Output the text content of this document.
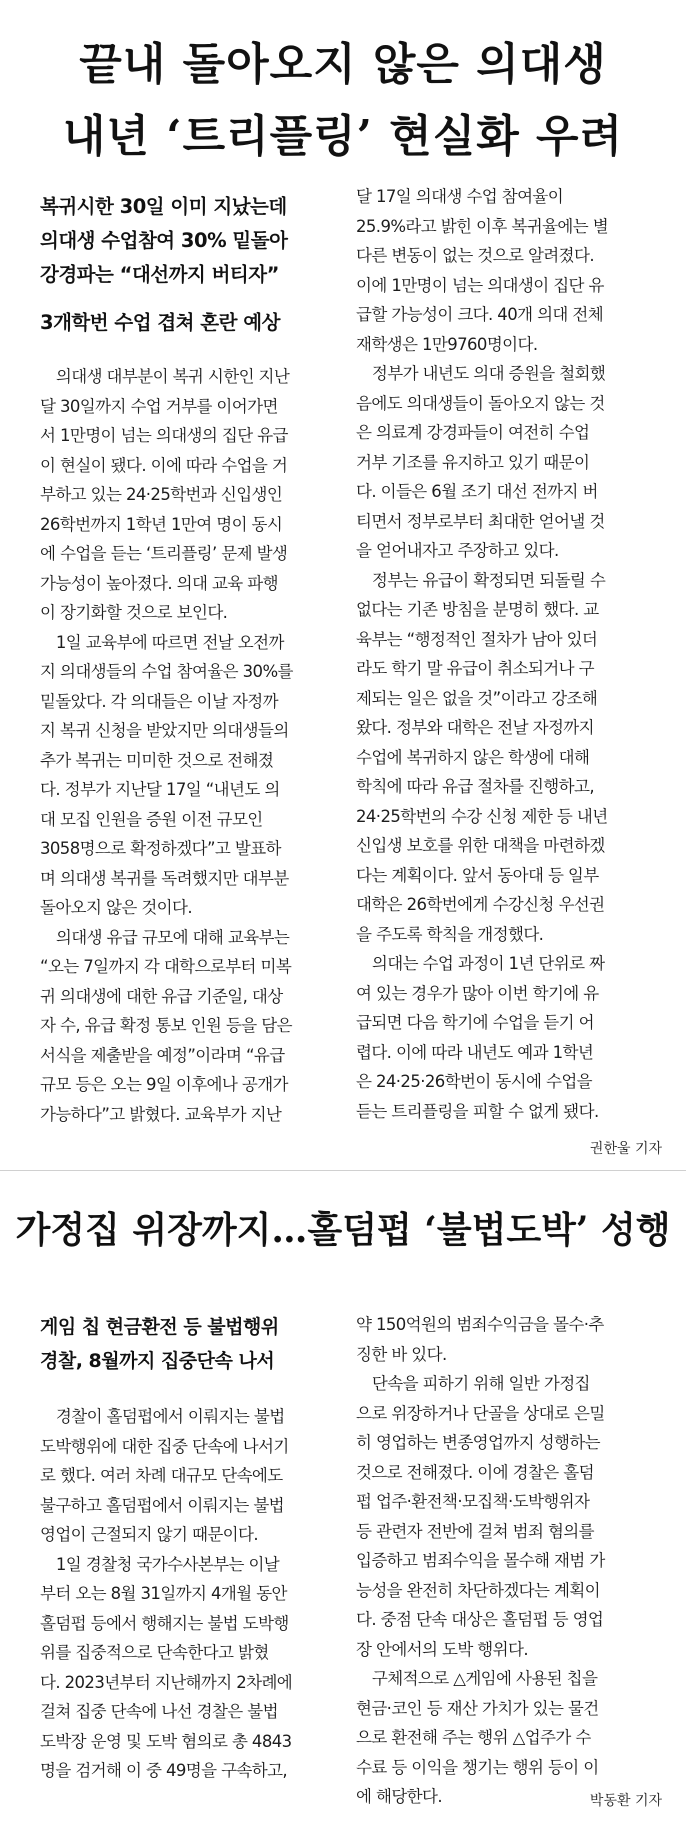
끝내 돌아오지 않은 의대생
내년 ‘트리플링’ 현실화 우려
복귀시한 30일 이미 지났는데
의대생 수업참여 30% 밑돌아
강경파는 “대선까지 버티자”
3개학번 수업 겹쳐 혼란 예상
　의대생 대부분이 복귀 시한인 지난
달 30일까지 수업 거부를 이어가면
서 1만명이 넘는 의대생의 집단 유급
이 현실이 됐다. 이에 따라 수업을 거
부하고 있는 24·25학번과 신입생인
26학번까지 1학년 1만여 명이 동시
에 수업을 듣는 ‘트리플링’ 문제 발생
가능성이 높아졌다. 의대 교육 파행
이 장기화할 것으로 보인다.
　1일 교육부에 따르면 전날 오전까
지 의대생들의 수업 참여율은 30%를
밑돌았다. 각 의대들은 이날 자정까
지 복귀 신청을 받았지만 의대생들의
추가 복귀는 미미한 것으로 전해졌
다. 정부가 지난달 17일 “내년도 의
대 모집 인원을 증원 이전 규모인
3058명으로 확정하겠다”고 발표하
며 의대생 복귀를 독려했지만 대부분
돌아오지 않은 것이다.
　의대생 유급 규모에 대해 교육부는
“오는 7일까지 각 대학으로부터 미복
귀 의대생에 대한 유급 기준일, 대상
자 수, 유급 확정 통보 인원 등을 담은
서식을 제출받을 예정”이라며 “유급
규모 등은 오는 9일 이후에나 공개가
가능하다”고 밝혔다. 교육부가 지난
달 17일 의대생 수업 참여율이
25.9%라고 밝힌 이후 복귀율에는 별
다른 변동이 없는 것으로 알려졌다.
이에 1만명이 넘는 의대생이 집단 유
급할 가능성이 크다. 40개 의대 전체
재학생은 1만9760명이다.
　정부가 내년도 의대 증원을 철회했
음에도 의대생들이 돌아오지 않는 것
은 의료계 강경파들이 여전히 수업
거부 기조를 유지하고 있기 때문이
다. 이들은 6월 조기 대선 전까지 버
티면서 정부로부터 최대한 얻어낼 것
을 얻어내자고 주장하고 있다.
　정부는 유급이 확정되면 되돌릴 수
없다는 기존 방침을 분명히 했다. 교
육부는 “행정적인 절차가 남아 있더
라도 학기 말 유급이 취소되거나 구
제되는 일은 없을 것”이라고 강조해
왔다. 정부와 대학은 전날 자정까지
수업에 복귀하지 않은 학생에 대해
학칙에 따라 유급 절차를 진행하고,
24·25학번의 수강 신청 제한 등 내년
신입생 보호를 위한 대책을 마련하겠
다는 계획이다. 앞서 동아대 등 일부
대학은 26학번에게 수강신청 우선권
을 주도록 학칙을 개정했다.
　의대는 수업 과정이 1년 단위로 짜
여 있는 경우가 많아 이번 학기에 유
급되면 다음 학기에 수업을 듣기 어
렵다. 이에 따라 내년도 예과 1학년
은 24·25·26학번이 동시에 수업을
듣는 트리플링을 피할 수 없게 됐다.
권한울 기자
가정집 위장까지…홀덤펍 ‘불법도박’ 성행
게임 칩 현금환전 등 불법행위
경찰, 8월까지 집중단속 나서
　경찰이 홀덤펍에서 이뤄지는 불법
도박행위에 대한 집중 단속에 나서기
로 했다. 여러 차례 대규모 단속에도
불구하고 홀덤펍에서 이뤄지는 불법
영업이 근절되지 않기 때문이다.
　1일 경찰청 국가수사본부는 이날
부터 오는 8월 31일까지 4개월 동안
홀덤펍 등에서 행해지는 불법 도박행
위를 집중적으로 단속한다고 밝혔
다. 2023년부터 지난해까지 2차례에
걸쳐 집중 단속에 나선 경찰은 불법
도박장 운영 및 도박 혐의로 총 4843
명을 검거해 이 중 49명을 구속하고,
약 150억원의 범죄수익금을 몰수·추
징한 바 있다.
　단속을 피하기 위해 일반 가정집
으로 위장하거나 단골을 상대로 은밀
히 영업하는 변종영업까지 성행하는
것으로 전해졌다. 이에 경찰은 홀덤
펍 업주·환전책·모집책·도박행위자
등 관련자 전반에 걸쳐 범죄 혐의를
입증하고 범죄수익을 몰수해 재범 가
능성을 완전히 차단하겠다는 계획이
다. 중점 단속 대상은 홀덤펍 등 영업
장 안에서의 도박 행위다.
　구체적으로 △게임에 사용된 칩을
현금·코인 등 재산 가치가 있는 물건
으로 환전해 주는 행위 △업주가 수
수료 등 이익을 챙기는 행위 등이 이
에 해당한다.	박동환 기자
